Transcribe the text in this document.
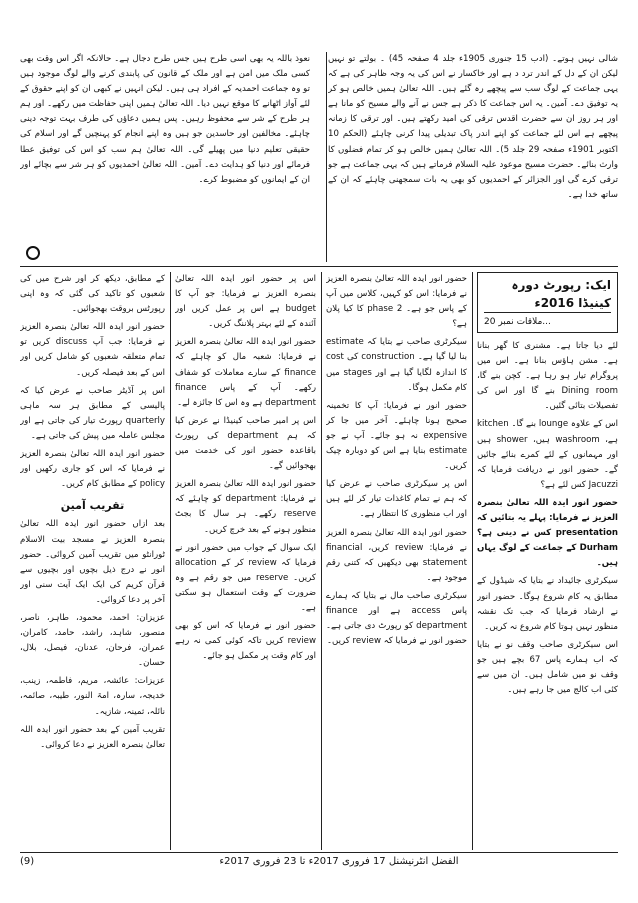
شالی نہیں ہوتے۔ (ادب 15 جنوری 1905ء جلد 4 صفحہ 45) ۔ بولتے تو نہیں لیکن ان کے دل کے اندر ترد د ہے اور خاکسار نے اس کی یہ وجہ ظاہر کی ہے کہ یہی جماعت کے لوگ سب سے پیچھے رہ گئے ہیں۔ اللہ تعالیٰ ہمیں خالص ہو کر یہ توفیق دے۔ آمین۔ یہ اس جماعت کا ذکر ہے جس نے آنے والے مسیح کو مانا ہے اور ہر روز ان سے حضرت اقدس ترقی کی امید رکھتے ہیں۔ اور ترقی کا زمانہ پیچھے ہے اس لئے جماعت کو اپنے اندر پاک تبدیلی پیدا کرنی چاہئے (الحکم 10 اکتوبر 1901ء صفحہ 29 جلد 5)۔ اللہ تعالیٰ ہمیں خالص ہو کر تمام فضلوں کا وارث بنائے۔ حضرت مسیح موعود علیہ السلام فرماتے ہیں کہ یہی جماعت ہے جو ترقی کرے گی اور الجزائر کے احمدیوں کو بھی یہ بات سمجھنی چاہئے کہ ان کے ساتھ خدا ہے۔
نعوذ باللہ یہ بھی اسی طرح ہیں جس طرح دجال ہے۔ حالانکہ اگر اس وقت بھی کسی ملک میں امن ہے اور ملک کے قانون کی پابندی کرنے والے لوگ موجود ہیں تو وہ جماعت احمدیہ کے افراد ہی ہیں۔ لیکن انہیں نے کبھی ان کو اپنے حقوق کے لئے آواز اٹھانے کا موقع نہیں دیا۔ اللہ تعالیٰ ہمیں اپنی حفاظت میں رکھے۔ اور ہم ہر طرح کے شر سے محفوظ رہیں۔ پس ہمیں دعاؤں کی طرف بہت توجہ دینی چاہئے۔ مخالفین اور حاسدین جو ہیں وہ اپنے انجام کو پہنچیں گے اور اسلام کی حقیقی تعلیم دنیا میں پھیلے گی۔ اللہ تعالیٰ ہم سب کو اس کی توفیق عطا فرمائے اور دنیا کو ہدایت دے۔ آمین۔ اللہ تعالیٰ احمدیوں کو ہر شر سے بچائے اور ان کے ایمانوں کو مضبوط کرے۔
ایک: رپورٹ دورہ کینیڈا 2016ء
...ملاقات نمبر 20

لئے دیا جاتا ہے۔ مشنری کا گھر بنانا ہے۔ مشن ہاؤس بنانا ہے۔ اس میں پروگرام تیار ہو رہا ہے۔ کچن بنے گا، Dining room بنے گا اور اس کی تفصیلات بتائی گئیں۔

اس کے علاوہ lounge بنے گا۔ kitchen ہے، washroom ہیں، shower ہیں اور مہمانوں کے لئے کمرے بنائے جائیں گے۔ حضور انور نے دریافت فرمایا کہ Jacuzzi کس لئے ہے؟

حضور انور ایدہ اللہ تعالیٰ بنصرہ العزیز نے فرمایا: پہلے یہ بتائیں کہ presentation کس نے دینی ہے؟ Durham کے جماعت کے لوگ یہاں ہیں۔

سیکرٹری جائیداد نے بتایا کہ شیڈول کے مطابق یہ کام شروع ہوگا۔ حضور انور نے ارشاد فرمایا کہ جب تک نقشہ منظور نہیں ہوتا کام شروع نہ کریں۔

اس سیکرٹری صاحب وقف نو نے بتایا کہ اب ہمارے پاس 67 بچے ہیں جو وقف نو میں شامل ہیں۔ ان میں سے کئی اب کالج میں جا رہے ہیں۔

حضور انور ایدہ اللہ تعالیٰ بنصرہ العزیز نے فرمایا: اس کو کہیں، کلاس میں آپ کے پاس جو ہے۔ phase 2 کا کیا پلان ہے؟

سیکرٹری صاحب نے بتایا کہ estimate بنا لیا گیا ہے۔ construction کی cost کا اندازہ لگایا گیا ہے اور stages میں کام مکمل ہوگا۔

حضور انور نے فرمایا: آپ کا تخمینہ صحیح ہونا چاہئے۔ آخر میں جا کر expensive نہ ہو جائے۔ آپ نے جو estimate بنایا ہے اس کو دوبارہ چیک کریں۔

اس پر سیکرٹری صاحب نے عرض کیا کہ ہم نے تمام کاغذات تیار کر لئے ہیں اور اب منظوری کا انتظار ہے۔

حضور انور ایدہ اللہ تعالیٰ بنصرہ العزیز نے فرمایا: review کریں، financial statement بھی دیکھیں کہ کتنی رقم موجود ہے۔

سیکرٹری صاحب مال نے بتایا کہ ہمارے پاس access ہے اور finance department کو رپورٹ دی جاتی ہے۔ حضور انور نے فرمایا کہ review کریں۔

اس پر حضور انور ایدہ اللہ تعالیٰ بنصرہ العزیز نے فرمایا: جو آپ کا budget ہے اس پر عمل کریں اور آئندہ کے لئے بہتر پلاننگ کریں۔

حضور انور ایدہ اللہ تعالیٰ بنصرہ العزیز نے فرمایا: شعبہ مال کو چاہئے کہ finance کے سارے معاملات کو شفاف رکھے۔ آپ کے پاس finance department ہے وہ اس کا جائزہ لے۔

اس پر امیر صاحب کینیڈا نے عرض کیا کہ ہم department کی رپورٹ باقاعدہ حضور انور کی خدمت میں بھجوائیں گے۔

حضور انور ایدہ اللہ تعالیٰ بنصرہ العزیز نے فرمایا: department کو چاہئے کہ reserve رکھے۔ ہر سال کا بجٹ منظور ہونے کے بعد خرچ کریں۔

ایک سوال کے جواب میں حضور انور نے فرمایا کہ review کر کے allocation کریں۔ reserve میں جو رقم ہے وہ ضرورت کے وقت استعمال ہو سکتی ہے۔

حضور انور نے فرمایا کہ اس کو بھی review کریں تاکہ کوئی کمی نہ رہے اور کام وقت پر مکمل ہو جائے۔

کے مطابق، دیکھ کر اور شرح میں کی شعبوں کو تاکید کی گئی کہ وہ اپنی رپورٹس بروقت بھجوائیں۔

حضور انور ایدہ اللہ تعالیٰ بنصرہ العزیز نے فرمایا: جب آپ discuss کریں تو تمام متعلقہ شعبوں کو شامل کریں اور اس کے بعد فیصلہ کریں۔

اس پر آڈیٹر صاحب نے عرض کیا کہ پالیسی کے مطابق ہر سہ ماہی quarterly رپورٹ تیار کی جاتی ہے اور مجلس عاملہ میں پیش کی جاتی ہے۔

حضور انور ایدہ اللہ تعالیٰ بنصرہ العزیز نے فرمایا کہ اس کو جاری رکھیں اور policy کے مطابق کام کریں۔

تقریب آمین

بعد ازاں حضور انور ایدہ اللہ تعالیٰ بنصرہ العزیز نے مسجد بیت الاسلام ٹورانٹو میں تقریب آمین کروائی۔ حضور انور نے درج ذیل بچوں اور بچیوں سے قرآن کریم کی ایک ایک آیت سنی اور آخر پر دعا کروائی۔

عزیزان: احمد، محمود، طاہر، ناصر، منصور، شاہد، راشد، حامد، کامران، عمران، فرحان، عدنان، فیصل، بلال، حسان۔

عزیزات: عائشہ، مریم، فاطمہ، زینب، خدیجہ، سارہ، امۃ النور، طیبہ، صائمہ، نائلہ، ثمینہ، شازیہ۔

تقریب آمین کے بعد حضور انور ایدہ اللہ تعالیٰ بنصرہ العزیز نے دعا کروائی۔

الفضل انٹرنیشنل 17 فروری 2017ء تا 23 فروری 2017ء
(9)
